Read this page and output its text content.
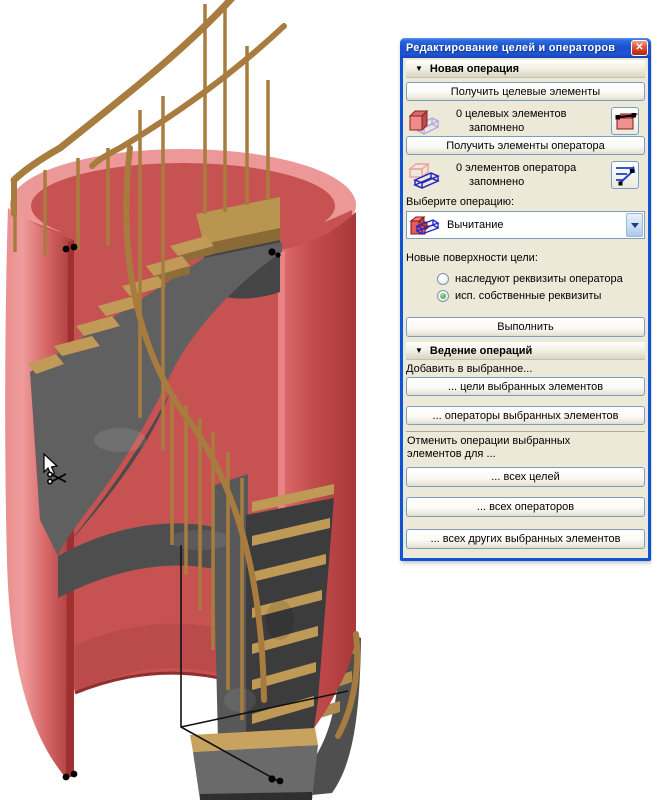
Редактирование целей и операторов	✕
▼ Новая операция
Получить целевые элементы
0 целевых элементов
запомнено
Получить элементы оператора
0 элементов оператора
запомнено
Выберите операцию:
Вычитание
Новые поверхности цели:
наследуют реквизиты оператора
исп. собственные реквизиты
Выполнить
▼ Ведение операций
Добавить в выбранное...
... цели выбранных элементов
... операторы выбранных элементов
Отменить операции выбранных
элементов для ...
... всех целей
... всех операторов
... всех других выбранных элементов
